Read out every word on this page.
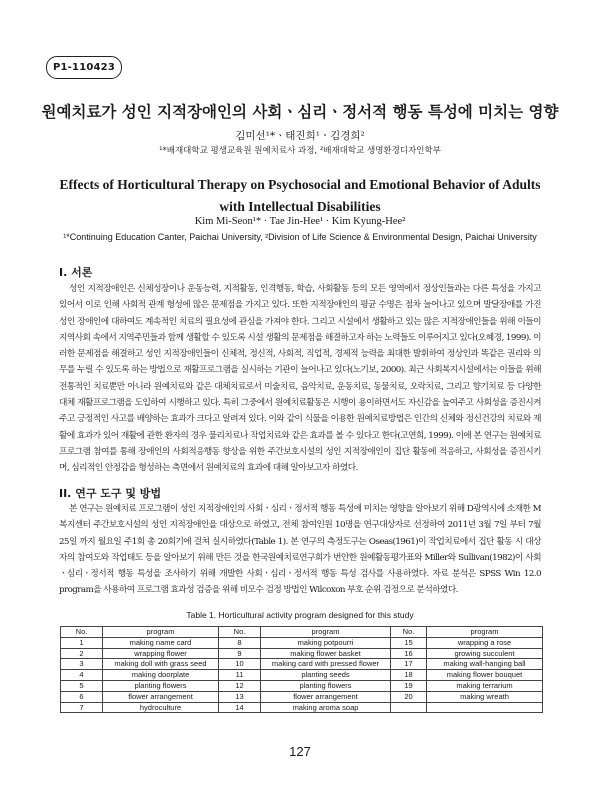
P1-110423
원예치료가 성인 지적장애인의 사회ㆍ심리ㆍ정서적 행동 특성에 미치는 영향
김미선¹*ㆍ태진희¹ㆍ김경희²
¹*배재대학교 평생교육원 원예치료사 과정, ²배재대학교 생명환경디자인학부
Effects of Horticultural Therapy on Psychosocial and Emotional Behavior of Adults with Intellectual Disabilities
Kim Mi-Seon¹* · Tae Jin-Hee¹ · Kim Kyung-Hee²
¹*Continuing Education Canter, Paichai University, ²Division of Life Science & Environmental Design, Paichai University
I. 서론
성인 지적장애인은 신체성장이나 운동능력, 지적활동, 인격행동, 학습, 사회활동 등의 모든 영역에서 정상인들과는 다른 특성을 가지고 있어서 이로 인해 사회적 관계 형성에 많은 문제점을 가지고 있다. 또한 지적장애인의 평균 수명은 점차 늘어나고 있으며 발달장애를 가진 성인 장애인에 대하여도 계속적인 치료의 필요성에 관심을 가져야 한다. 그리고 시설에서 생활하고 있는 많은 지적장애인들을 위해 이들이 지역사회 속에서 지역주민들과 함께 생활할 수 있도록 시설 생활의 문제점을 해결하고자 하는 노력들도 이루어지고 있다(오혜경, 1999). 이러한 문제점을 해결하고 성인 지적장애인들이 신체적, 정신적, 사회적, 직업적, 경제적 능력을 최대한 발휘하여 정상인과 똑같은 권리와 의무를 누릴 수 있도록 하는 방법으로 재활프로그램을 실시하는 기관이 늘어나고 있다(노기보, 2000). 최근 사회복지시설에서는 이들을 위해 전통적인 치료뿐만 아니라 원예치료와 같은 대체치료로서 미술치료, 음악치료, 운동치료, 동물치료, 오락치료, 그리고 향기치료 등 다양한 대체 재활프로그램을 도입하여 시행하고 있다. 특히 그중에서 원예치료활동은 시행이 용이하면서도 자신감을 높여주고 사회성을 증진시켜 주고 긍정적인 사고를 배양하는 효과가 크다고 알려져 있다. 이와 같이 식물을 이용한 원예치료방법은 인간의 신체와 정신건강의 치료와 재활에 효과가 있어 재활에 관한 환자의 경우 물리치료나 작업치료와 같은 효과를 볼 수 있다고 한다(고연희, 1999). 이에 본 연구는 원예치료 프로그램 참여를 통해 장애인의 사회적응행동 향상을 위한 주간보호시설의 성인 지적장애인이 집단 활동에 적응하고, 사회성을 증진시키며, 심리적인 안정감을 형성하는 측면에서 원예치료의 효과에 대해 알아보고자 하였다.
II. 연구 도구 및 방법
본 연구는 원예치료 프로그램이 성인 지적장애인의 사회ㆍ심리ㆍ정서적 행동 특성에 미치는 영향을 알아보기 위해 D광역시에 소재한 M복지센터 주간보호시설의 성인 지적장애인을 대상으로 하였고, 전체 참여인원 10명을 연구대상자로 선정하여 2011년 3월 7일 부터 7월 25일 까지 월요일 주1회 총 20회기에 걸쳐 실시하였다(Table 1). 본 연구의 측정도구는 Oseas(1961)이 작업치료에서 집단 활동 시 대상자의 참여도와 작업태도 등을 알아보기 위해 만든 것을 한국원예치료연구회가 번안한 원예활동평가표와 Miller와 Sullivan(1982)이 사회ㆍ심리ㆍ정서적 행동 특성을 조사하기 위해 개발한 사회ㆍ심리ㆍ정서적 행동 특성 검사를 사용하였다. 자료 분석은 SPSS Win 12.0 program을 사용하여 프로그램 효과성 검증을 위해 비모수 검정 방법인 Wilcoxon 부호 순위 검정으로 분석하였다.
Table 1. Horticultural activity program designed for this study
No.	program	No.	program	No.	program
1	making name card	8	making potpourri	15	wrapping a rose
2	wrapping flower	9	making flower basket	16	growing succulent
3	making doll with grass seed	10	making card with pressed flower	17	making wall-hanging ball
4	making doorplate	11	planting seeds	18	making flower bouquet
5	planting flowers	12	planting flowers	19	making terrarium
6	flower arrangement	13	flower arrangement	20	making wreath
7	hydroculture	14	making aroma soap		
127
